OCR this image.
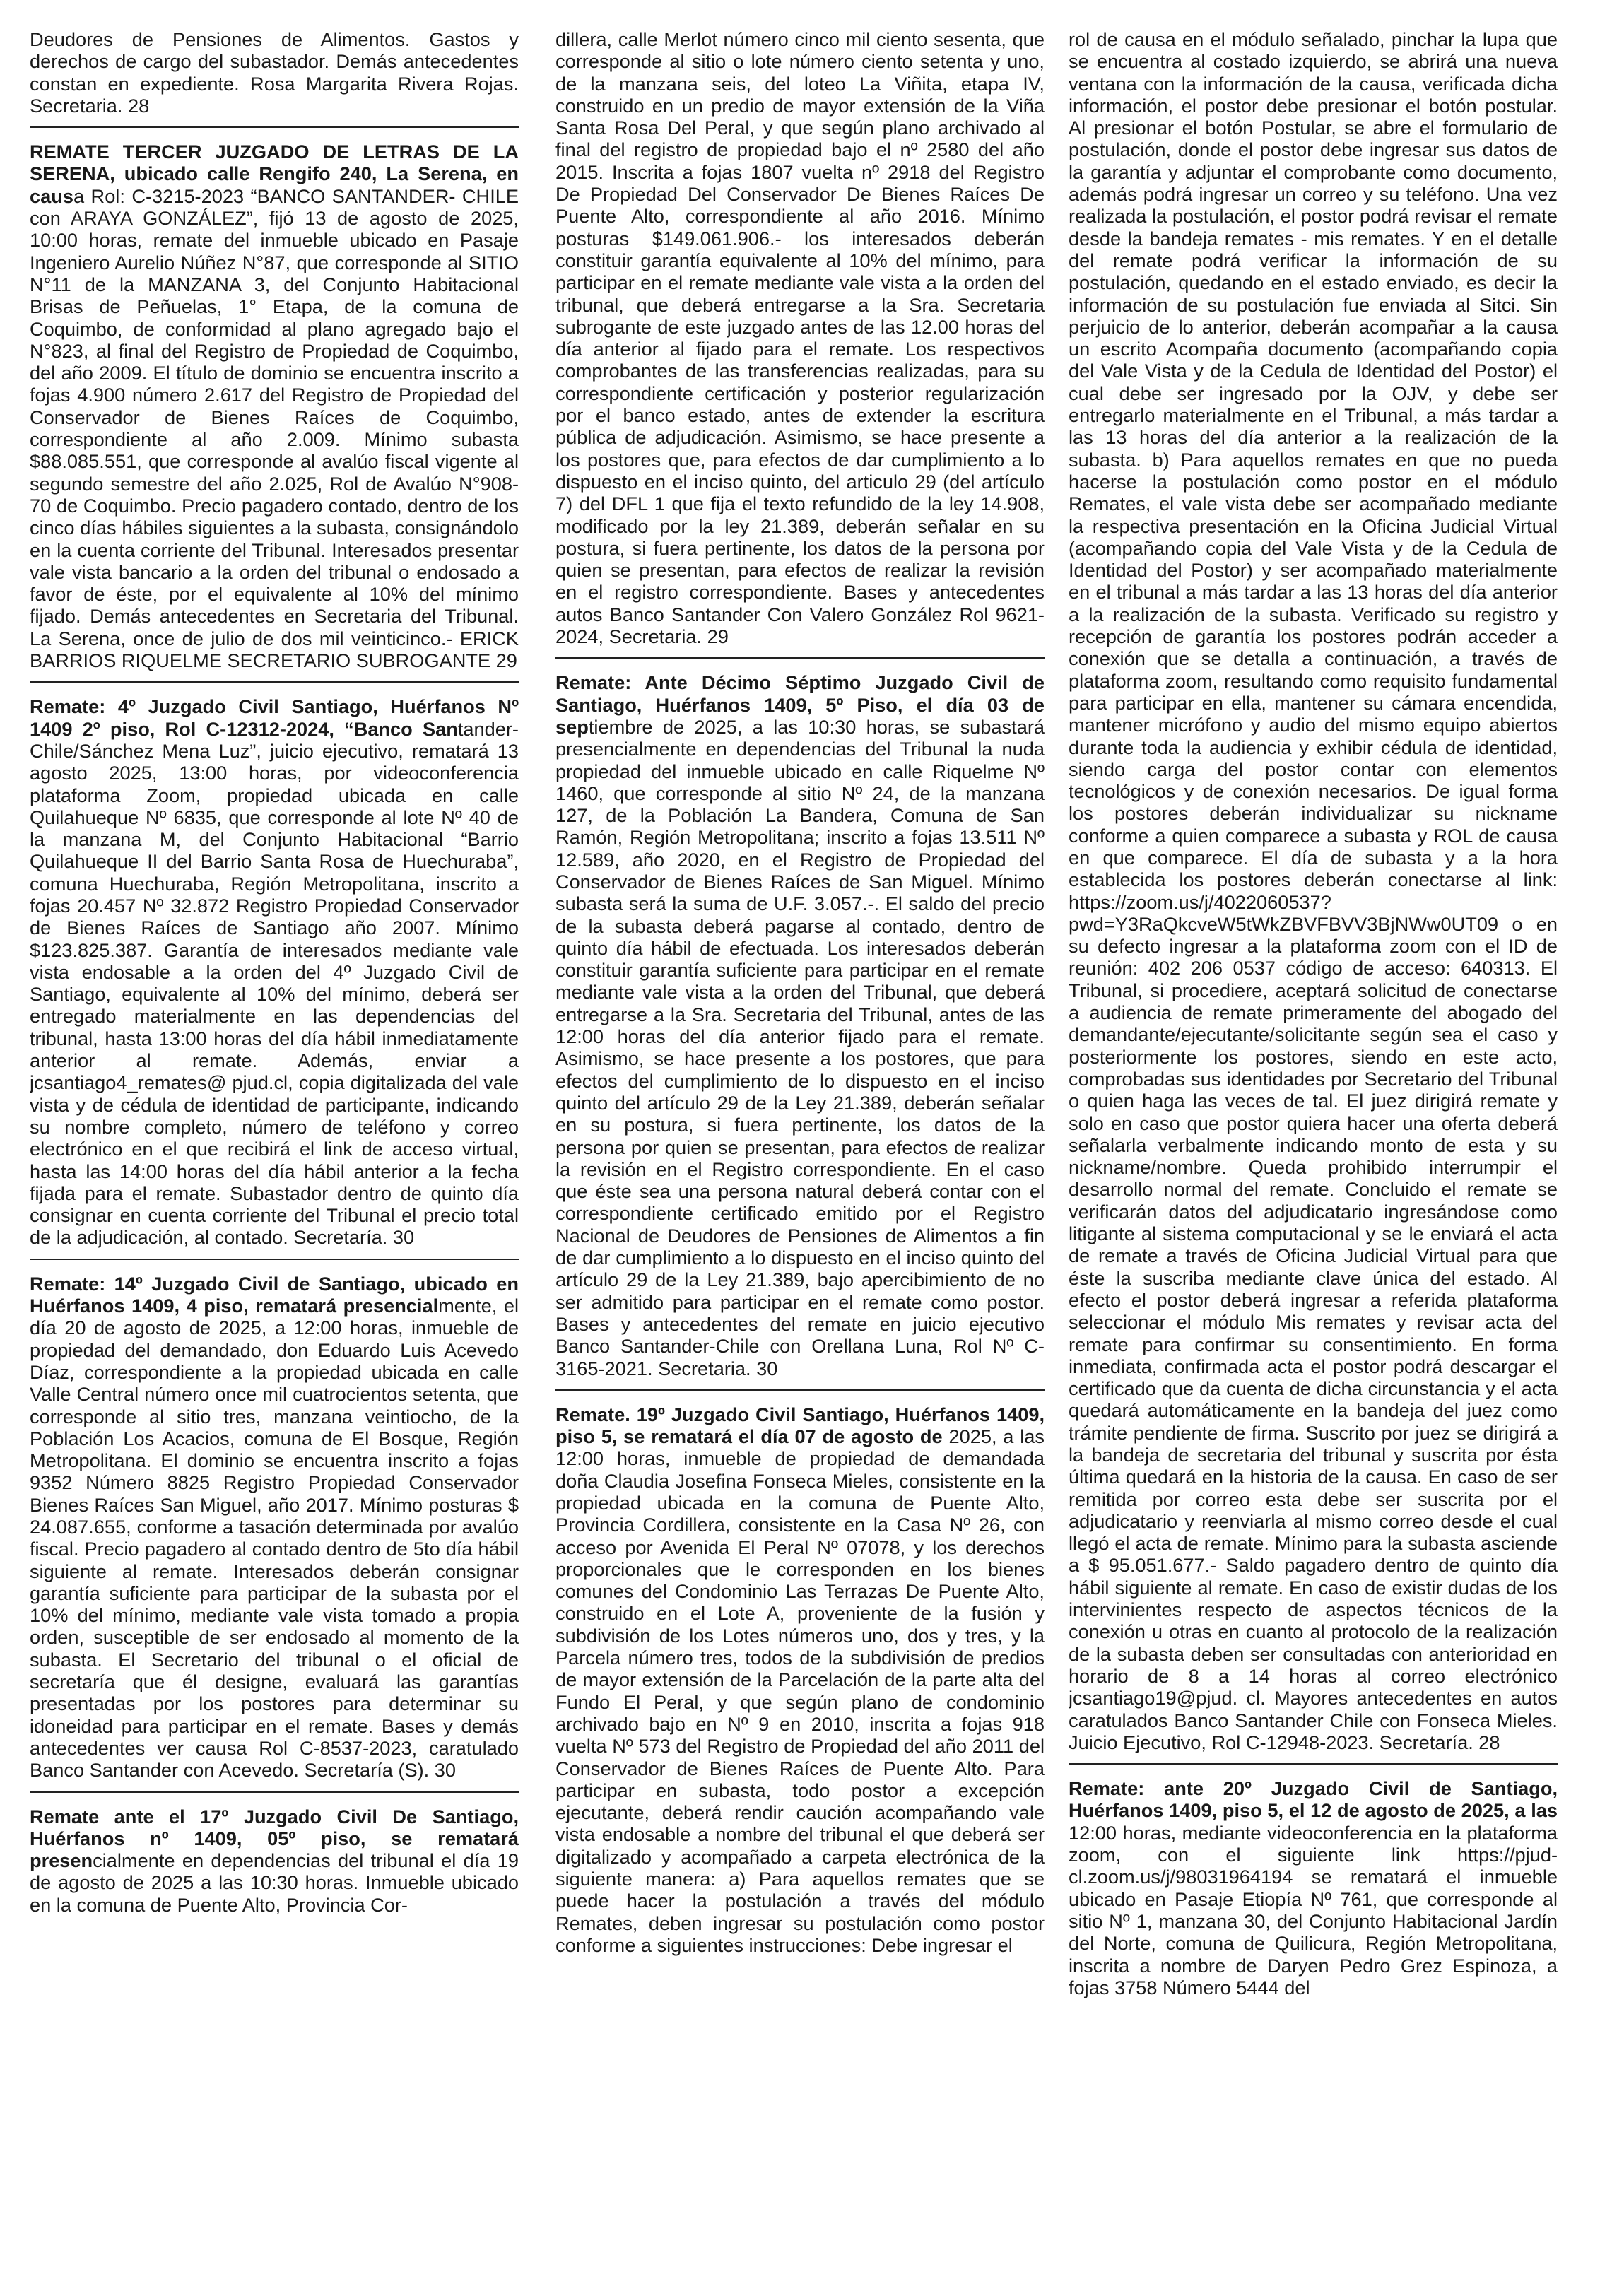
Deudores de Pensiones de Alimentos. Gastos y derechos de cargo del subastador. Demás antecedentes constan en expediente. Rosa Margarita Rivera Rojas. Secretaria. 28

REMATE TERCER JUZGADO DE LETRAS DE LA SERENA, ubicado calle Rengifo 240, La Serena, en causa Rol: C-3215-2023 “BANCO SANTANDER- CHILE con ARAYA GONZÁLEZ”, fijó 13 de agosto de 2025, 10:00 horas, remate del inmueble ubicado en Pasaje Ingeniero Aurelio Núñez N°87, que corresponde al SITIO N°11 de la MANZANA 3, del Conjunto Habitacional Brisas de Peñuelas, 1° Etapa, de la comuna de Coquimbo, de conformidad al plano agregado bajo el N°823, al final del Registro de Propiedad de Coquimbo, del año 2009. El título de dominio se encuentra inscrito a fojas 4.900 número 2.617 del Registro de Propiedad del Conservador de Bienes Raíces de Coquimbo, correspondiente al año 2.009. Mínimo subasta $88.085.551, que corresponde al avalúo fiscal vigente al segundo semestre del año 2.025, Rol de Avalúo N°908-70 de Coquimbo. Precio pagadero contado, dentro de los cinco días hábiles siguientes a la subasta, consignándolo en la cuenta corriente del Tribunal. Interesados presentar vale vista bancario a la orden del tribunal o endosado a favor de éste, por el equivalente al 10% del mínimo fijado. Demás antecedentes en Secretaria del Tribunal. La Serena, once de julio de dos mil veinticinco.- ERICK BARRIOS RIQUELME SECRETARIO SUBROGANTE 29

Remate: 4º Juzgado Civil Santiago, Huérfanos Nº 1409 2º piso, Rol C-12312-2024, “Banco Santander-Chile/Sánchez Mena Luz”, juicio ejecutivo, rematará 13 agosto 2025, 13:00 horas, por videoconferencia plataforma Zoom, propiedad ubicada en calle Quilahueque Nº 6835, que corresponde al lote Nº 40 de la manzana M, del Conjunto Habitacional “Barrio Quilahueque II del Barrio Santa Rosa de Huechuraba”, comuna Huechuraba, Región Metropolitana, inscrito a fojas 20.457 Nº 32.872 Registro Propiedad Conservador de Bienes Raíces de Santiago año 2007. Mínimo $123.825.387. Garantía de interesados mediante vale vista endosable a la orden del 4º Juzgado Civil de Santiago, equivalente al 10% del mínimo, deberá ser entregado materialmente en las dependencias del tribunal, hasta 13:00 horas del día hábil inmediatamente anterior al remate. Además, enviar a jcsantiago4_remates@ pjud.cl, copia digitalizada del vale vista y de cédula de identidad de participante, indicando su nombre completo, número de teléfono y correo electrónico en el que recibirá el link de acceso virtual, hasta las 14:00 horas del día hábil anterior a la fecha fijada para el remate. Subastador dentro de quinto día consignar en cuenta corriente del Tribunal el precio total de la adjudicación, al contado. Secretaría. 30

Remate: 14º Juzgado Civil de Santiago, ubicado en Huérfanos 1409, 4 piso, rematará presencialmente, el día 20 de agosto de 2025, a 12:00 horas, inmueble de propiedad del demandado, don Eduardo Luis Acevedo Díaz, correspondiente a la propiedad ubicada en calle Valle Central número once mil cuatrocientos setenta, que corresponde al sitio tres, manzana veintiocho, de la Población Los Acacios, comuna de El Bosque, Región Metropolitana. El dominio se encuentra inscrito a fojas 9352 Número 8825 Registro Propiedad Conservador Bienes Raíces San Miguel, año 2017. Mínimo posturas $ 24.087.655, conforme a tasación determinada por avalúo fiscal. Precio pagadero al contado dentro de 5to día hábil siguiente al remate. Interesados deberán consignar garantía suficiente para participar de la subasta por el 10% del mínimo, mediante vale vista tomado a propia orden, susceptible de ser endosado al momento de la subasta. El Secretario del tribunal o el oficial de secretaría que él designe, evaluará las garantías presentadas por los postores para determinar su idoneidad para participar en el remate. Bases y demás antecedentes ver causa Rol C-8537-2023, caratulado Banco Santander con Acevedo. Secretaría (S). 30

Remate ante el 17º Juzgado Civil De Santiago, Huérfanos nº 1409, 05º piso, se rematará presencialmente en dependencias del tribunal el día 19 de agosto de 2025 a las 10:30 horas. Inmueble ubicado en la comuna de Puente Alto, Provincia Cor-

dillera, calle Merlot número cinco mil ciento sesenta, que corresponde al sitio o lote número ciento setenta y uno, de la manzana seis, del loteo La Viñita, etapa IV, construido en un predio de mayor extensión de la Viña Santa Rosa Del Peral, y que según plano archivado al final del registro de propiedad bajo el nº 2580 del año 2015. Inscrita a fojas 1807 vuelta nº 2918 del Registro De Propiedad Del Conservador De Bienes Raíces De Puente Alto, correspondiente al año 2016. Mínimo posturas $149.061.906.- los interesados deberán constituir garantía equivalente al 10% del mínimo, para participar en el remate mediante vale vista a la orden del tribunal, que deberá entregarse a la Sra. Secretaria subrogante de este juzgado antes de las 12.00 horas del día anterior al fijado para el remate. Los respectivos comprobantes de las transferencias realizadas, para su correspondiente certificación y posterior regularización por el banco estado, antes de extender la escritura pública de adjudicación. Asimismo, se hace presente a los postores que, para efectos de dar cumplimiento a lo dispuesto en el inciso quinto, del articulo 29 (del artículo 7) del DFL 1 que fija el texto refundido de la ley 14.908, modificado por la ley 21.389, deberán señalar en su postura, si fuera pertinente, los datos de la persona por quien se presentan, para efectos de realizar la revisión en el registro correspondiente. Bases y antecedentes autos Banco Santander Con Valero González Rol 9621-2024, Secretaria. 29

Remate: Ante Décimo Séptimo Juzgado Civil de Santiago, Huérfanos 1409, 5º Piso, el día 03 de septiembre de 2025, a las 10:30 horas, se subastará presencialmente en dependencias del Tribunal la nuda propiedad del inmueble ubicado en calle Riquelme Nº 1460, que corresponde al sitio Nº 24, de la manzana 127, de la Población La Bandera, Comuna de San Ramón, Región Metropolitana; inscrito a fojas 13.511 Nº 12.589, año 2020, en el Registro de Propiedad del Conservador de Bienes Raíces de San Miguel. Mínimo subasta será la suma de U.F. 3.057.-. El saldo del precio de la subasta deberá pagarse al contado, dentro de quinto día hábil de efectuada. Los interesados deberán constituir garantía suficiente para participar en el remate mediante vale vista a la orden del Tribunal, que deberá entregarse a la Sra. Secretaria del Tribunal, antes de las 12:00 horas del día anterior fijado para el remate. Asimismo, se hace presente a los postores, que para efectos del cumplimiento de lo dispuesto en el inciso quinto del artículo 29 de la Ley 21.389, deberán señalar en su postura, si fuera pertinente, los datos de la persona por quien se presentan, para efectos de realizar la revisión en el Registro correspondiente. En el caso que éste sea una persona natural deberá contar con el correspondiente certificado emitido por el Registro Nacional de Deudores de Pensiones de Alimentos a fin de dar cumplimiento a lo dispuesto en el inciso quinto del artículo 29 de la Ley 21.389, bajo apercibimiento de no ser admitido para participar en el remate como postor. Bases y antecedentes del remate en juicio ejecutivo Banco Santander-Chile con Orellana Luna, Rol Nº C-3165-2021. Secretaria. 30

Remate. 19º Juzgado Civil Santiago, Huérfanos 1409, piso 5, se rematará el día 07 de agosto de 2025, a las 12:00 horas, inmueble de propiedad de demandada doña Claudia Josefina Fonseca Mieles, consistente en la propiedad ubicada en la comuna de Puente Alto, Provincia Cordillera, consistente en la Casa Nº 26, con acceso por Avenida El Peral Nº 07078, y los derechos proporcionales que le corresponden en los bienes comunes del Condominio Las Terrazas De Puente Alto, construido en el Lote A, proveniente de la fusión y subdivisión de los Lotes números uno, dos y tres, y la Parcela número tres, todos de la subdivisión de predios de mayor extensión de la Parcelación de la parte alta del Fundo El Peral, y que según plano de condominio archivado bajo en Nº 9 en 2010, inscrita a fojas 918 vuelta Nº 573 del Registro de Propiedad del año 2011 del Conservador de Bienes Raíces de Puente Alto. Para participar en subasta, todo postor a excepción ejecutante, deberá rendir caución acompañando vale vista endosable a nombre del tribunal el que deberá ser digitalizado y acompañado a carpeta electrónica de la siguiente manera: a) Para aquellos remates que se puede hacer la postulación a través del módulo Remates, deben ingresar su postulación como postor conforme a siguientes instrucciones: Debe ingresar el

rol de causa en el módulo señalado, pinchar la lupa que se encuentra al costado izquierdo, se abrirá una nueva ventana con la información de la causa, verificada dicha información, el postor debe presionar el botón postular. Al presionar el botón Postular, se abre el formulario de postulación, donde el postor debe ingresar sus datos de la garantía y adjuntar el comprobante como documento, además podrá ingresar un correo y su teléfono. Una vez realizada la postulación, el postor podrá revisar el remate desde la bandeja remates - mis remates. Y en el detalle del remate podrá verificar la información de su postulación, quedando en el estado enviado, es decir la información de su postulación fue enviada al Sitci. Sin perjuicio de lo anterior, deberán acompañar a la causa un escrito Acompaña documento (acompañando copia del Vale Vista y de la Cedula de Identidad del Postor) el cual debe ser ingresado por la OJV, y debe ser entregarlo materialmente en el Tribunal, a más tardar a las 13 horas del día anterior a la realización de la subasta. b) Para aquellos remates en que no pueda hacerse la postulación como postor en el módulo Remates, el vale vista debe ser acompañado mediante la respectiva presentación en la Oficina Judicial Virtual (acompañando copia del Vale Vista y de la Cedula de Identidad del Postor) y ser acompañado materialmente en el tribunal a más tardar a las 13 horas del día anterior a la realización de la subasta. Verificado su registro y recepción de garantía los postores podrán acceder a conexión que se detalla a continuación, a través de plataforma zoom, resultando como requisito fundamental para participar en ella, mantener su cámara encendida, mantener micrófono y audio del mismo equipo abiertos durante toda la audiencia y exhibir cédula de identidad, siendo carga del postor contar con elementos tecnológicos y de conexión necesarios. De igual forma los postores deberán individualizar su nickname conforme a quien comparece a subasta y ROL de causa en que comparece. El día de subasta y a la hora establecida los postores deberán conectarse al link: https://zoom.us/j/4022060537?pwd=Y3RaQkcveW5tWkZBVFBVV3BjNWw0UT09 o en su defecto ingresar a la plataforma zoom con el ID de reunión: 402 206 0537 código de acceso: 640313. El Tribunal, si procediere, aceptará solicitud de conectarse a audiencia de remate primeramente del abogado del demandante/ejecutante/solicitante según sea el caso y posteriormente los postores, siendo en este acto, comprobadas sus identidades por Secretario del Tribunal o quien haga las veces de tal. El juez dirigirá remate y solo en caso que postor quiera hacer una oferta deberá señalarla verbalmente indicando monto de esta y su nickname/nombre. Queda prohibido interrumpir el desarrollo normal del remate. Concluido el remate se verificarán datos del adjudicatario ingresándose como litigante al sistema computacional y se le enviará el acta de remate a través de Oficina Judicial Virtual para que éste la suscriba mediante clave única del estado. Al efecto el postor deberá ingresar a referida plataforma seleccionar el módulo Mis remates y revisar acta del remate para confirmar su consentimiento. En forma inmediata, confirmada acta el postor podrá descargar el certificado que da cuenta de dicha circunstancia y el acta quedará automáticamente en la bandeja del juez como trámite pendiente de firma. Suscrito por juez se dirigirá a la bandeja de secretaria del tribunal y suscrita por ésta última quedará en la historia de la causa. En caso de ser remitida por correo esta debe ser suscrita por el adjudicatario y reenviarla al mismo correo desde el cual llegó el acta de remate. Mínimo para la subasta asciende a $ 95.051.677.- Saldo pagadero dentro de quinto día hábil siguiente al remate. En caso de existir dudas de los intervinientes respecto de aspectos técnicos de la conexión u otras en cuanto al protocolo de la realización de la subasta deben ser consultadas con anterioridad en horario de 8 a 14 horas al correo electrónico jcsantiago19@pjud. cl. Mayores antecedentes en autos caratulados Banco Santander Chile con Fonseca Mieles. Juicio Ejecutivo, Rol C-12948-2023. Secretaría. 28

Remate: ante 20º Juzgado Civil de Santiago, Huérfanos 1409, piso 5, el 12 de agosto de 2025, a las 12:00 horas, mediante videoconferencia en la plataforma zoom, con el siguiente link https://pjud- cl.zoom.us/j/98031964194 se rematará el inmueble ubicado en Pasaje Etiopía Nº 761, que corresponde al sitio Nº 1, manzana 30, del Conjunto Habitacional Jardín del Norte, comuna de Quilicura, Región Metropolitana, inscrita a nombre de Daryen Pedro Grez Espinoza, a fojas 3758 Número 5444 del
